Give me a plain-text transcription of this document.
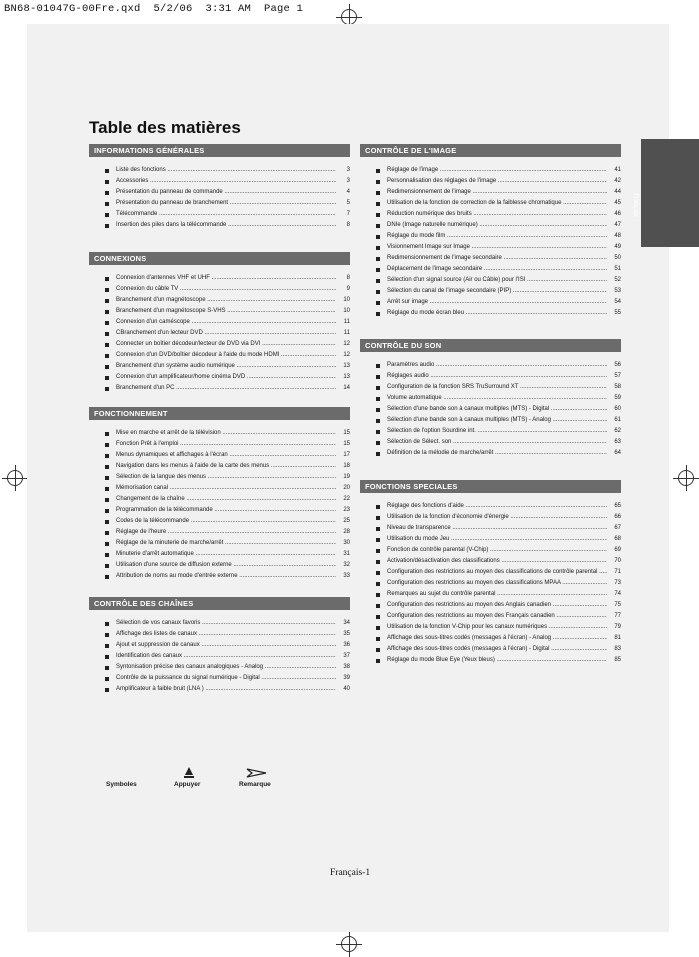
BN68-01047G-00Fre.qxd  5/2/06  3:31 AM  Page 1
Français
Table des matières
INFORMATIONS GÉNÉRALES
Liste des fonctions .....	3
Accessories .....	3
Présentation du panneau de commande .....	4
Présentation du panneau de branchement .....	5
Télécommande .....	7
Insertion des piles dans la télécommande .....	8
CONNEXIONS
Connexion d'antennes VHF et UHF .....	8
Connexion du câble TV .....	9
Branchement d'un magnétoscope .....	10
Branchement d'un magnétoscope S-VHS .....	10
Connexion d'un caméscope .....	11
CBranchement d'un lecteur DVD .....	11
Connecter un boîtier décodeur/lecteur de DVD via DVI .....	12
Connexion d'un DVD/boîtier décodeur à l'aide du mode HDMI .....	12
Branchement d'un système audio numérique .....	13
Connexion d'un amplificateur/home cinéma DVD .....	13
Branchement d'un PC .....	14
FONCTIONNEMENT
Mise en marche et arrêt de la télévision .....	15
Fonction Prêt à l'emploi .....	15
Menus dynamiques et affichages à l'écran .....	17
Navigation dans les menus à l'aide de la carte des menus .....	18
Sélection de la langue des menus .....	19
Mémorisation canal .....	20
Changement de la chaîne .....	22
Programmation de la télécommande .....	23
Codes de la télécommande .....	25
Réglage de l'heure .....	28
Réglage de la minuterie de marche/arrêt .....	30
Minuterie d'arrêt automatique .....	31
Utilisation d'une source de diffusion externe .....	32
Attribution de noms au mode d'entrée externe .....	33
CONTRÔLE DES CHAÎNES
Sélection de vos canaux favoris .....	34
Affichage des listes de canaux .....	35
Ajout et suppression de canaux .....	36
Identification des canaux .....	37
Syntonisation précise des canaux analogiques - Analog .....	38
Contrôle de la puissance du signal numérique - Digital .....	39
Amplificateur à faible bruit (LNA ) .....	40
CONTRÔLE DE L'IMAGE
Réglage de l'image .....	41
Personnalisation des réglages de l'image .....	42
Redimensionnement de l'image .....	44
Utilisation de la fonction de correction de la faiblesse chromatique .....	45
Réduction numérique des bruits .....	46
DNIe (Image naturelle numérique) .....	47
Réglage du mode film .....	48
Visionnement Image sur Image .....	49
Redimensionnement de l'image secondaire .....	50
Déplacement de l'image secondaire .....	51
Sélection d'un signal source (Air ou Câble) pour l'ISI .....	52
Sélection du canal de l'image secondaire (PIP) .....	53
Arrêt sur image .....	54
Réglage du mode écran bleu .....	55
CONTRÔLE DU SON
Paramètres audio .....	56
Réglages audio .....	57
Configuration de la fonction SRS TruSurround XT .....	58
Volume automatique .....	59
Sélection d'une bande son à canaux multiples (MTS) - Digital .....	60
Sélection d'une bande son à canaux multiples (MTS) - Analog .....	61
Sélection de l'option Sourdine int. .....	62
Sélection de Sélect. son .....	63
Définition de la mélodie de marche/arrêt .....	64
FONCTIONS SPECIALES
Réglage des fonctions d'aide .....	65
Utilisation de la fonction d'économie d'énergie .....	66
Niveau de transparence .....	67
Utilisation du mode Jeu .....	68
Fonction de contrôle parental (V-Chip) .....	69
Activation/désactivation des classifications .....	70
Configuration des restrictions au moyen des classifications de contrôle parental .....	71
Configuration des restrictions au moyen des classifications MPAA .....	73
Remarques au sujet du contrôle parental .....	74
Configuration des restrictions au moyen des Anglais canadien .....	75
Configuration des restrictions au moyen des Français canadien .....	77
Utilisation de la fonction V-Chip pour les canaux numériques .....	79
Affichage des sous-titres codés (messages à l'écran) - Analog .....	81
Affichage des sous-titres codés (messages à l'écran) - Digital .....	83
Réglage du mode Blue Eye (Yeux bleus) .....	85
Symboles	Appuyer	Remarque
Français-1
